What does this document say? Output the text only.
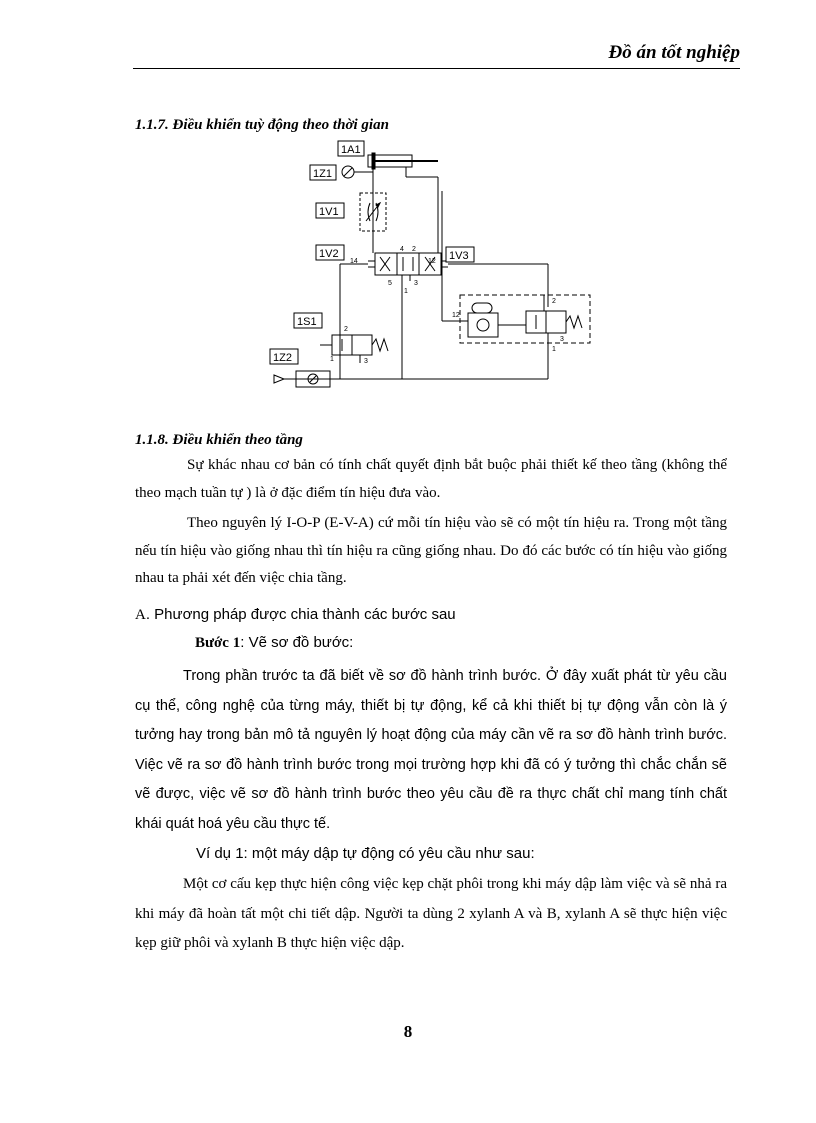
Đồ án tốt nghiệp
1.1.7. Điều khiển tuỳ động theo thời gian
1A1
1Z1
1V1
1V2	1V3
1S1
1Z2
4 2
14	12
5	3
1
2
12
1
3
2
1	3
1.1.8. Điều khiển theo tầng
Sự khác nhau cơ bản có tính chất quyết định bắt buộc phải thiết kế theo tầng (không thể theo mạch tuần tự ) là ở đặc điểm tín hiệu đưa vào.
Theo nguyên lý I-O-P (E-V-A) cứ mỗi tín hiệu vào sẽ có một tín hiệu ra. Trong một tầng nếu tín hiệu vào giống nhau thì tín hiệu ra cũng giống nhau. Do đó các bước có tín hiệu vào giống nhau ta phải xét đến việc chia tầng.
A. Phương pháp được chia thành các bước sau
Bước 1: Vẽ sơ đồ bước:
Trong phần trước ta đã biết về sơ đồ hành trình bước. Ở đây xuất phát từ yêu cầu cụ thể, công nghệ của từng máy, thiết bị tự động, kể cả khi thiết bị tự động vẫn còn là ý tưởng hay trong bản mô tả nguyên lý hoạt động của máy cần vẽ ra sơ đồ hành trình bước. Việc vẽ ra sơ đồ hành trình bước trong mọi trường hợp khi đã có ý tưởng thì chắc chắn sẽ vẽ được, việc vẽ sơ đồ hành trình bước theo yêu cầu đề ra thực chất chỉ mang tính chất khái quát hoá yêu cầu thực tế.
Ví dụ 1: một máy dập tự động có yêu cầu như sau:
Một cơ cấu kẹp thực hiện công việc kẹp chặt phôi trong khi máy dập làm việc và sẽ nhả ra khi máy đã hoàn tất một chi tiết dập. Người ta dùng 2 xylanh A và B, xylanh A sẽ thực hiện việc kẹp giữ phôi và xylanh B thực hiện việc dập.
8
